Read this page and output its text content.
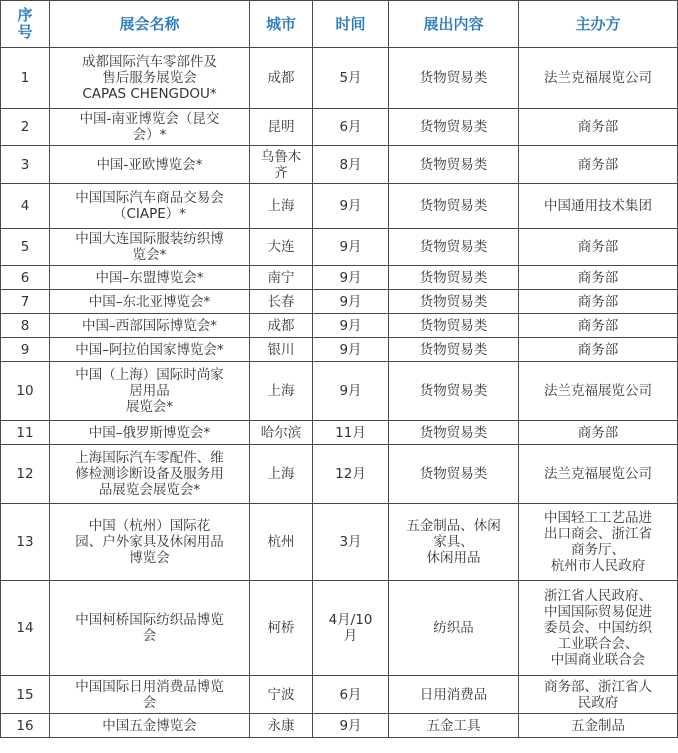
序
号	展会名称	城市	时间	展出内容	主办方
1	成都国际汽车零部件及
售后服务展览会
CAPAS CHENGDOU*	成都	5月	货物贸易类	法兰克福展览公司
2	中国-南亚博览会（昆交
会）*	昆明	6月	货物贸易类	商务部
3	中国-亚欧博览会*	乌鲁木
齐	8月	货物贸易类	商务部
4	中国国际汽车商品交易会
（CIAPE）*	上海	9月	货物贸易类	中国通用技术集团
5	中国大连国际服装纺织博
览会*	大连	9月	货物贸易类	商务部
6	中国–东盟博览会*	南宁	9月	货物贸易类	商务部
7	中国–东北亚博览会*	长春	9月	货物贸易类	商务部
8	中国–西部国际博览会*	成都	9月	货物贸易类	商务部
9	中国–阿拉伯国家博览会*	银川	9月	货物贸易类	商务部
10	中国（上海）国际时尚家
居用品
展览会*	上海	9月	货物贸易类	法兰克福展览公司
11	中国–俄罗斯博览会*	哈尔滨	11月	货物贸易类	商务部
12	上海国际汽车零配件、维
修检测诊断设备及服务用
品展览会展览会*	上海	12月	货物贸易类	法兰克福展览公司
13	中国（杭州）国际花
园、户外家具及休闲用品
博览会	杭州	3月	五金制品、休闲
家具、
休闲用品	中国轻工工艺品进
出口商会、浙江省
商务厅、
杭州市人民政府
14	中国柯桥国际纺织品博览
会	柯桥	4月/10
月	纺织品	浙江省人民政府、
中国国际贸易促进
委员会、中国纺织
工业联合会、
中国商业联合会
15	中国国际日用消费品博览
会	宁波	6月	日用消费品	商务部、浙江省人
民政府
16	中国五金博览会	永康	9月	五金工具	五金制品
